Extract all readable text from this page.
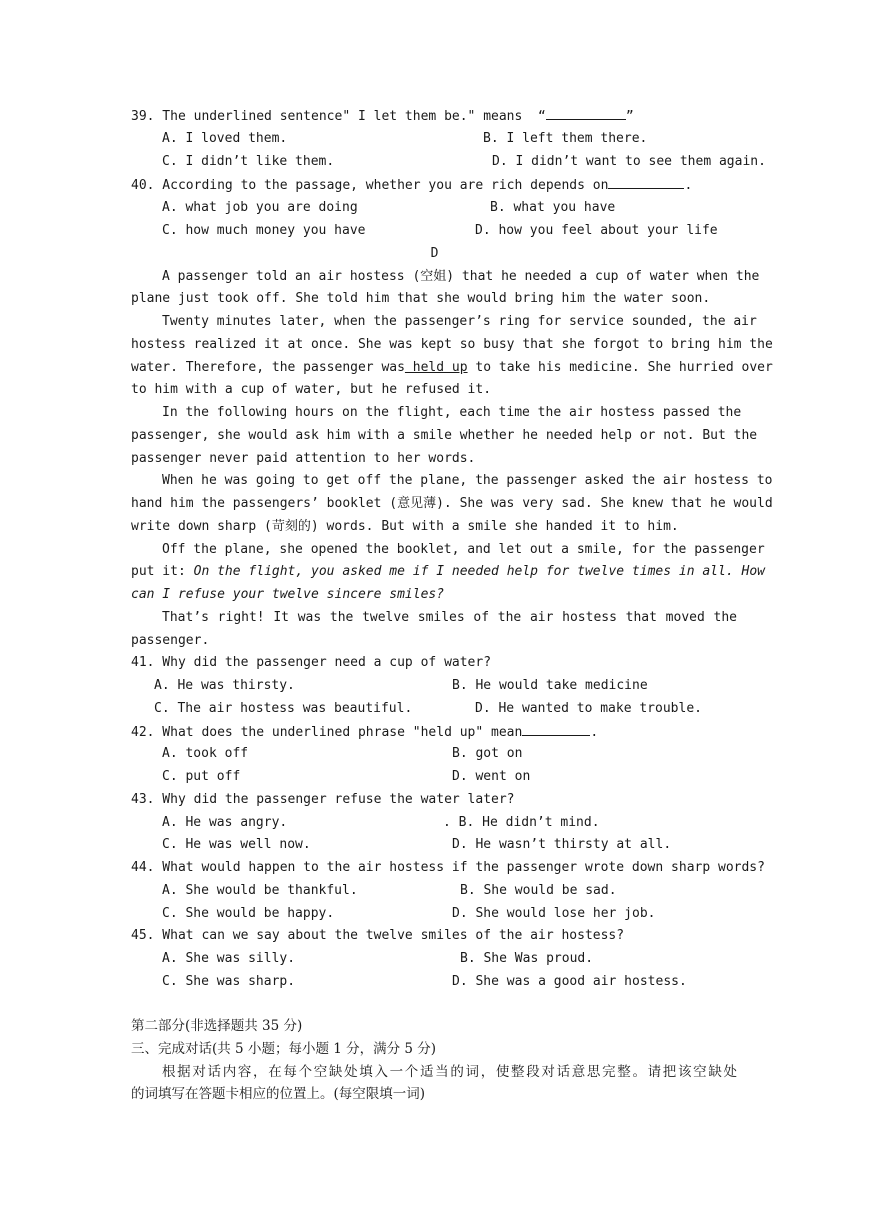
39. The underlined sentence" I let them be." means  “	”
A. I loved them.	B. I left them there.
C. I didn’t like them.	D. I didn’t want to see them again.
40. According to the passage, whether you are rich depends on	.
A. what job you are doing	B. what you have
C. how much money you have	D. how you feel about your life
D
A passenger told an air hostess (空姐) that he needed a cup of water when the
plane just took off. She told him that she would bring him the water soon.
Twenty minutes later, when the passenger’s ring for service sounded, the air
hostess realized it at once. She was kept so busy that she forgot to bring him the
water. Therefore, the passenger was held up to take his medicine. She hurried over
to him with a cup of water, but he refused it.
In the following hours on the flight, each time the air hostess passed the
passenger, she would ask him with a smile whether he needed help or not. But the
passenger never paid attention to her words.
When he was going to get off the plane, the passenger asked the air hostess to
hand him the passengers’ booklet (意见薄). She was very sad. She knew that he would
write down sharp (苛刻的) words. But with a smile she handed it to him.
Off the plane, she opened the booklet, and let out a smile, for the passenger
put it: On the flight, you asked me if I needed help for twelve times in all. How
can I refuse your twelve sincere smiles?
That’s right! It was the twelve smiles of the air hostess that moved the
passenger.
41. Why did the passenger need a cup of water?
A. He was thirsty.	B. He would take medicine
C. The air hostess was beautiful.	D. He wanted to make trouble.
42. What does the underlined phrase "held up" mean	.
A. took off	B. got on
C. put off	D. went on
43. Why did the passenger refuse the water later?
A. He was angry.	. B. He didn’t mind.
C. He was well now.	D. He wasn’t thirsty at all.
44. What would happen to the air hostess if the passenger wrote down sharp words?
A. She would be thankful.	B. She would be sad.
C. She would be happy.	D. She would lose her job.
45. What can we say about the twelve smiles of the air hostess?
A. She was silly.	B. She Was proud.
C. She was sharp.	D. She was a good air hostess.
第二部分(非选择题共 35 分)
三、完成对话(共 5 小题；每小题 1 分，满分 5 分)
根据对话内容，在每个空缺处填入一个适当的词，使整段对话意思完整。请把该空缺处
的词填写在答题卡相应的位置上。(每空限填一词)
